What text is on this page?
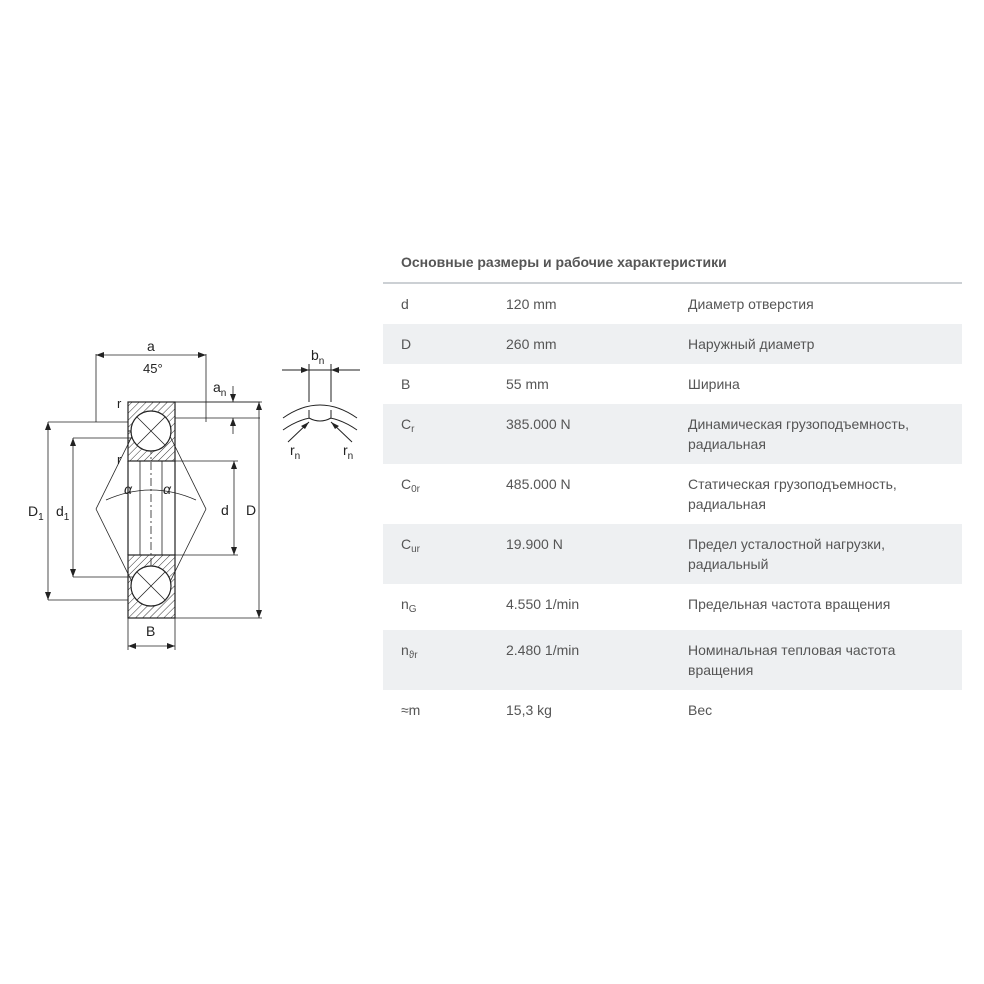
a
45°
$a_n$
r
r
α α
$D_1$ $d_1$	d D
B
$b_n$
$r_n$	$r_n$
Основные размеры и рабочие характеристики
d	120 mm	Диаметр отверстия
D	260 mm	Наружный диаметр
B	55 mm	Ширина
$C_r$	385.000 N	Динамическая грузоподъемность, радиальная
$C_{0r}$	485.000 N	Статическая грузоподъемность, радиальная
$C_{ur}$	19.900 N	Предел усталостной нагрузки, радиальный
$n_G$	4.550 1/min	Предельная частота вращения
$n_{ϑr}$	2.480 1/min	Номинальная тепловая частота вращения
≈m	15,3 kg	Вес
